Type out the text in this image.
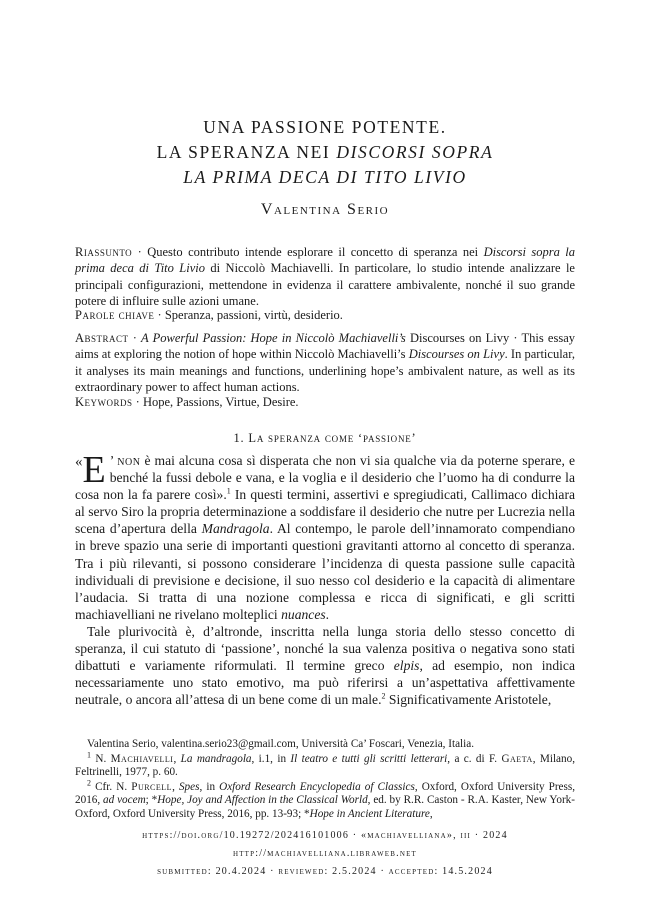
UNA PASSIONE POTENTE.
LA SPERANZA NEI DISCORSI SOPRA
LA PRIMA DECA DI TITO LIVIO
Valentina Serio
Riassunto · Questo contributo intende esplorare il concetto di speranza nei Discorsi sopra la prima deca di Tito Livio di Niccolò Machiavelli. In particolare, lo studio intende analizzare le principali configurazioni, mettendone in evidenza il carattere ambivalente, nonché il suo grande potere di influire sulle azioni umane.
Parole chiave · Speranza, passioni, virtù, desiderio.
Abstract · A Powerful Passion: Hope in Niccolò Machiavelli’s Discourses on Livy · This essay aims at exploring the notion of hope within Niccolò Machiavelli’s Discourses on Livy. In particular, it analyses its main meanings and functions, underlining hope’s ambivalent nature, as well as its extraordinary power to affect human actions.
Keywords · Hope, Passions, Virtue, Desire.
1. La speranza come ‘passione’

«E ’ non è mai alcuna cosa sì disperata che non vi sia qualche via da poterne sperare, e benché la fussi debole e vana, e la voglia e il desiderio che l’uomo ha di condurre la cosa non la fa parere così».$^1$ In questi termini, assertivi e spregiudicati, Callimaco dichiara al servo Siro la propria determinazione a soddisfare il desiderio che nutre per Lucrezia nella scena d’apertura della Mandragola. Al contempo, le parole dell’innamorato compendiano in breve spazio una serie di importanti questioni gravitanti attorno al concetto di speranza. Tra i più rilevanti, si possono considerare l’incidenza di questa passione sulle capacità individuali di previsione e decisione, il suo nesso col desiderio e la capacità di alimentare l’audacia. Si tratta di una nozione complessa e ricca di significati, e gli scritti machiavelliani ne rivelano molteplici nuances.

Tale plurivocità è, d’altronde, inscritta nella lunga storia dello stesso concetto di speranza, il cui statuto di ‘passione’, nonché la sua valenza positiva o negativa sono stati dibattuti e variamente riformulati. Il termine greco elpis, ad esempio, non indica necessariamente uno stato emotivo, ma può riferirsi a un’aspettativa affettivamente neutrale, o ancora all’attesa di un bene come di un male.$^2$ Significativamente Aristotele,

Valentina Serio, valentina.serio23@gmail.com, Università Ca’ Foscari, Venezia, Italia.

$^1$ N. Machiavelli, La mandragola, i.1, in Il teatro e tutti gli scritti letterari, a c. di F. Gaeta, Milano, Feltrinelli, 1977, p. 60.

$^2$ Cfr. N. Purcell, Spes, in Oxford Research Encyclopedia of Classics, Oxford, Oxford University Press, 2016, ad vocem; *Hope, Joy and Affection in the Classical World, ed. by R.R. Caston - R.A. Kaster, New York-Oxford, Oxford University Press, 2016, pp. 13-93; *Hope in Ancient Literature,

https://doi.org/10.19272/202416101006 · «machiavelliana», iii · 2024
http://machiavelliana.libraweb.net
submitted: 20.4.2024 · reviewed: 2.5.2024 · accepted: 14.5.2024
